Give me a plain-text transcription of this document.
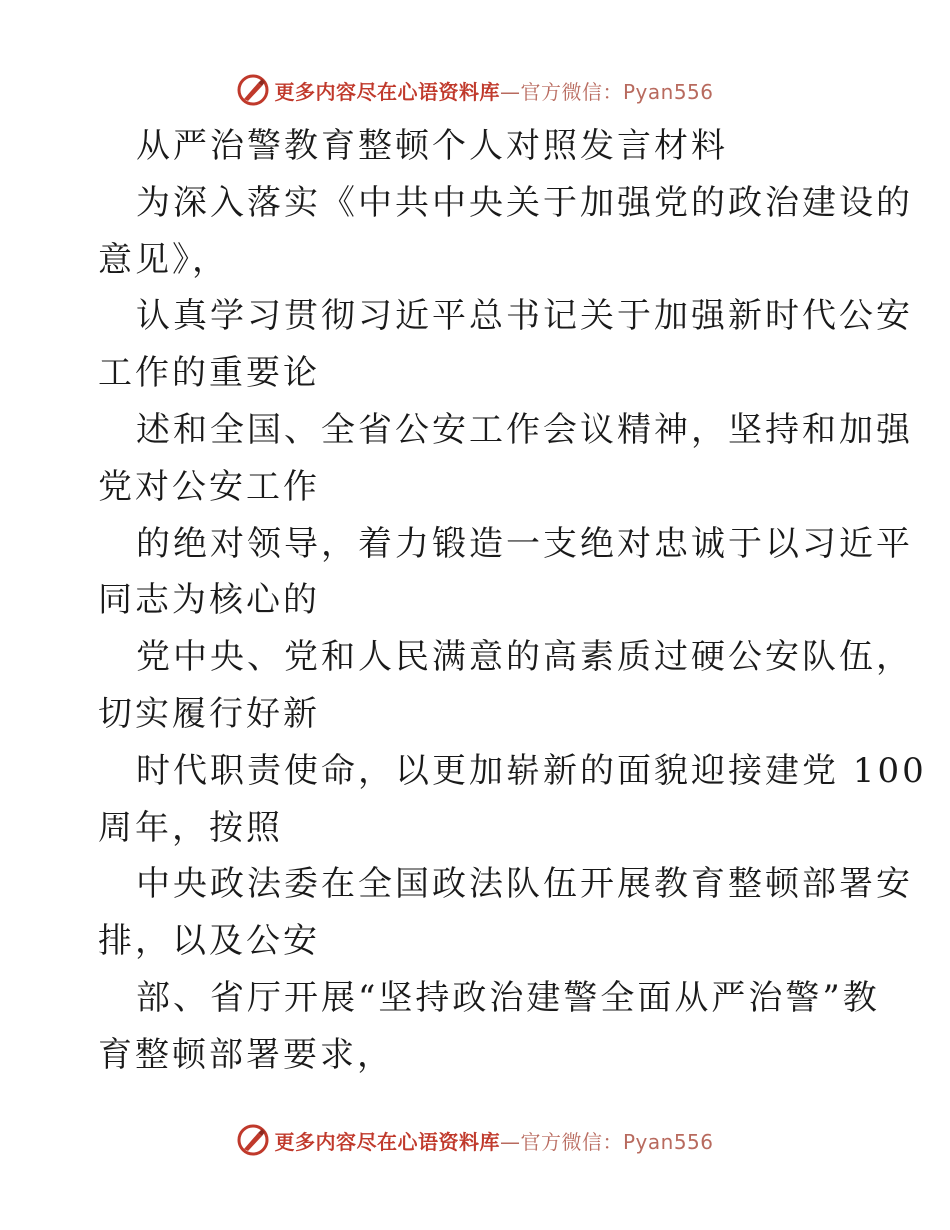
更多内容尽在心语资料库—官方微信：Pyan556
从严治警教育整顿个人对照发言材料
为深入落实《中共中央关于加强党的政治建设的
意见》，
认真学习贯彻习近平总书记关于加强新时代公安
工作的重要论
述和全国、全省公安工作会议精神，坚持和加强
党对公安工作
的绝对领导，着力锻造一支绝对忠诚于以习近平
同志为核心的
党中央、党和人民满意的高素质过硬公安队伍，
切实履行好新
时代职责使命，以更加崭新的面貌迎接建党 100
周年，按照
中央政法委在全国政法队伍开展教育整顿部署安
排，以及公安
部、省厅开展“坚持政治建警全面从严治警”教
育整顿部署要求，
更多内容尽在心语资料库—官方微信：Pyan556
